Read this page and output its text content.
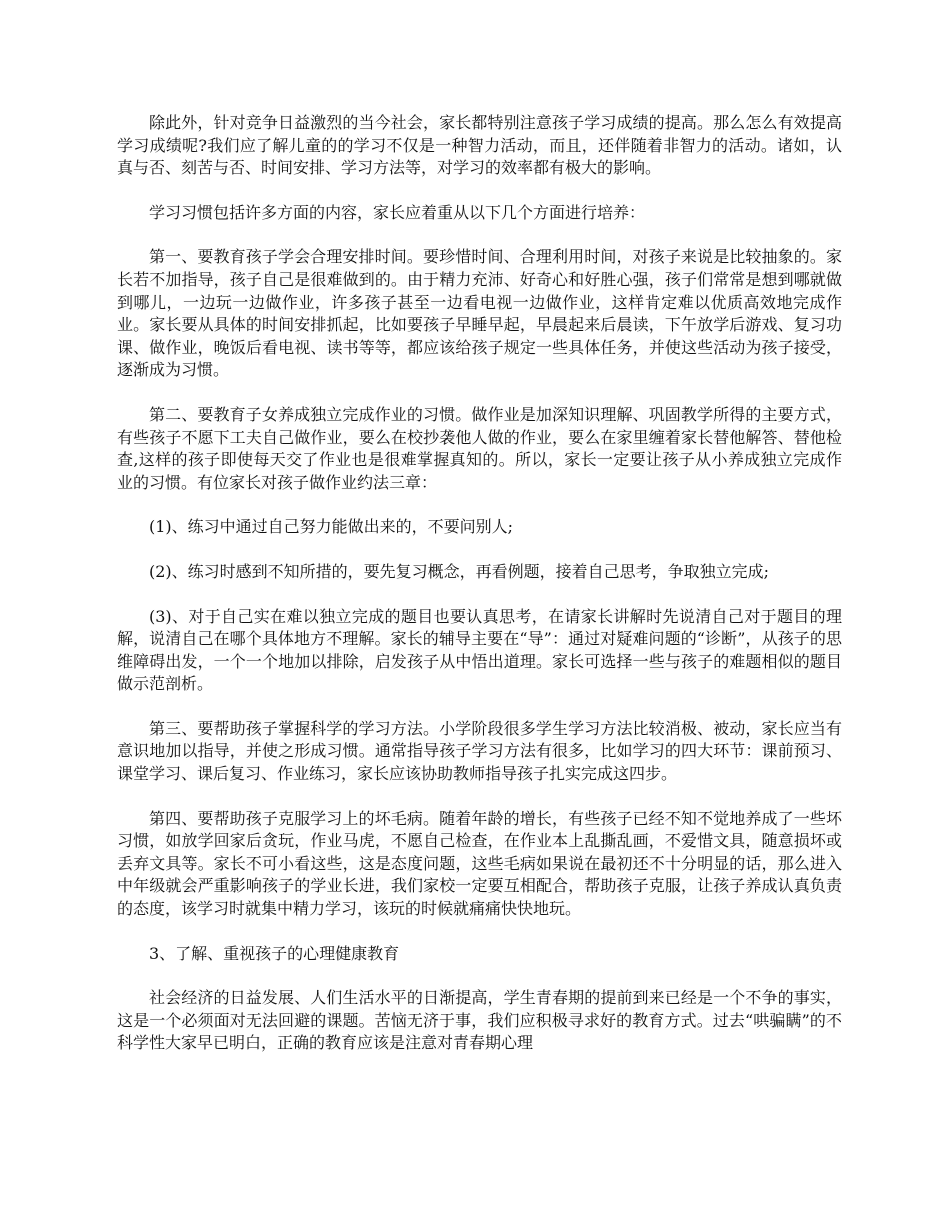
除此外，针对竞争日益激烈的当今社会，家长都特别注意孩子学习成绩的提高。那么怎么有效提高学习成绩呢?我们应了解儿童的的学习不仅是一种智力活动，而且，还伴随着非智力的活动。诸如，认真与否、刻苦与否、时间安排、学习方法等，对学习的效率都有极大的影响。

学习习惯包括许多方面的内容，家长应着重从以下几个方面进行培养：

第一、要教育孩子学会合理安排时间。要珍惜时间、合理利用时间，对孩子来说是比较抽象的。家长若不加指导，孩子自己是很难做到的。由于精力充沛、好奇心和好胜心强，孩子们常常是想到哪就做到哪儿，一边玩一边做作业，许多孩子甚至一边看电视一边做作业，这样肯定难以优质高效地完成作业。家长要从具体的时间安排抓起，比如要孩子早睡早起，早晨起来后晨读，下午放学后游戏、复习功课、做作业，晚饭后看电视、读书等等，都应该给孩子规定一些具体任务，并使这些活动为孩子接受，逐渐成为习惯。

第二、要教育子女养成独立完成作业的习惯。做作业是加深知识理解、巩固教学所得的主要方式，有些孩子不愿下工夫自己做作业，要么在校抄袭他人做的作业，要么在家里缠着家长替他解答、替他检查,这样的孩子即使每天交了作业也是很难掌握真知的。所以，家长一定要让孩子从小养成独立完成作业的习惯。有位家长对孩子做作业约法三章：

(1)、练习中通过自己努力能做出来的，不要问别人;

(2)、练习时感到不知所措的，要先复习概念，再看例题，接着自己思考，争取独立完成;

(3)、对于自己实在难以独立完成的题目也要认真思考，在请家长讲解时先说清自己对于题目的理解，说清自己在哪个具体地方不理解。家长的辅导主要在“导”：通过对疑难问题的“诊断”，从孩子的思维障碍出发，一个一个地加以排除，启发孩子从中悟出道理。家长可选择一些与孩子的难题相似的题目做示范剖析。

第三、要帮助孩子掌握科学的学习方法。小学阶段很多学生学习方法比较消极、被动，家长应当有意识地加以指导，并使之形成习惯。通常指导孩子学习方法有很多，比如学习的四大环节：课前预习、课堂学习、课后复习、作业练习，家长应该协助教师指导孩子扎实完成这四步。

第四、要帮助孩子克服学习上的坏毛病。随着年龄的增长，有些孩子已经不知不觉地养成了一些坏习惯，如放学回家后贪玩，作业马虎，不愿自己检查，在作业本上乱撕乱画，不爱惜文具，随意损坏或丢弃文具等。家长不可小看这些，这是态度问题，这些毛病如果说在最初还不十分明显的话，那么进入中年级就会严重影响孩子的学业长进，我们家校一定要互相配合，帮助孩子克服，让孩子养成认真负责的态度，该学习时就集中精力学习，该玩的时候就痛痛快快地玩。

3、了解、重视孩子的心理健康教育

社会经济的日益发展、人们生活水平的日渐提高，学生青春期的提前到来已经是一个不争的事实，这是一个必须面对无法回避的课题。苦恼无济于事，我们应积极寻求好的教育方式。过去“哄骗瞒”的不科学性大家早已明白，正确的教育应该是注意对青春期心理
